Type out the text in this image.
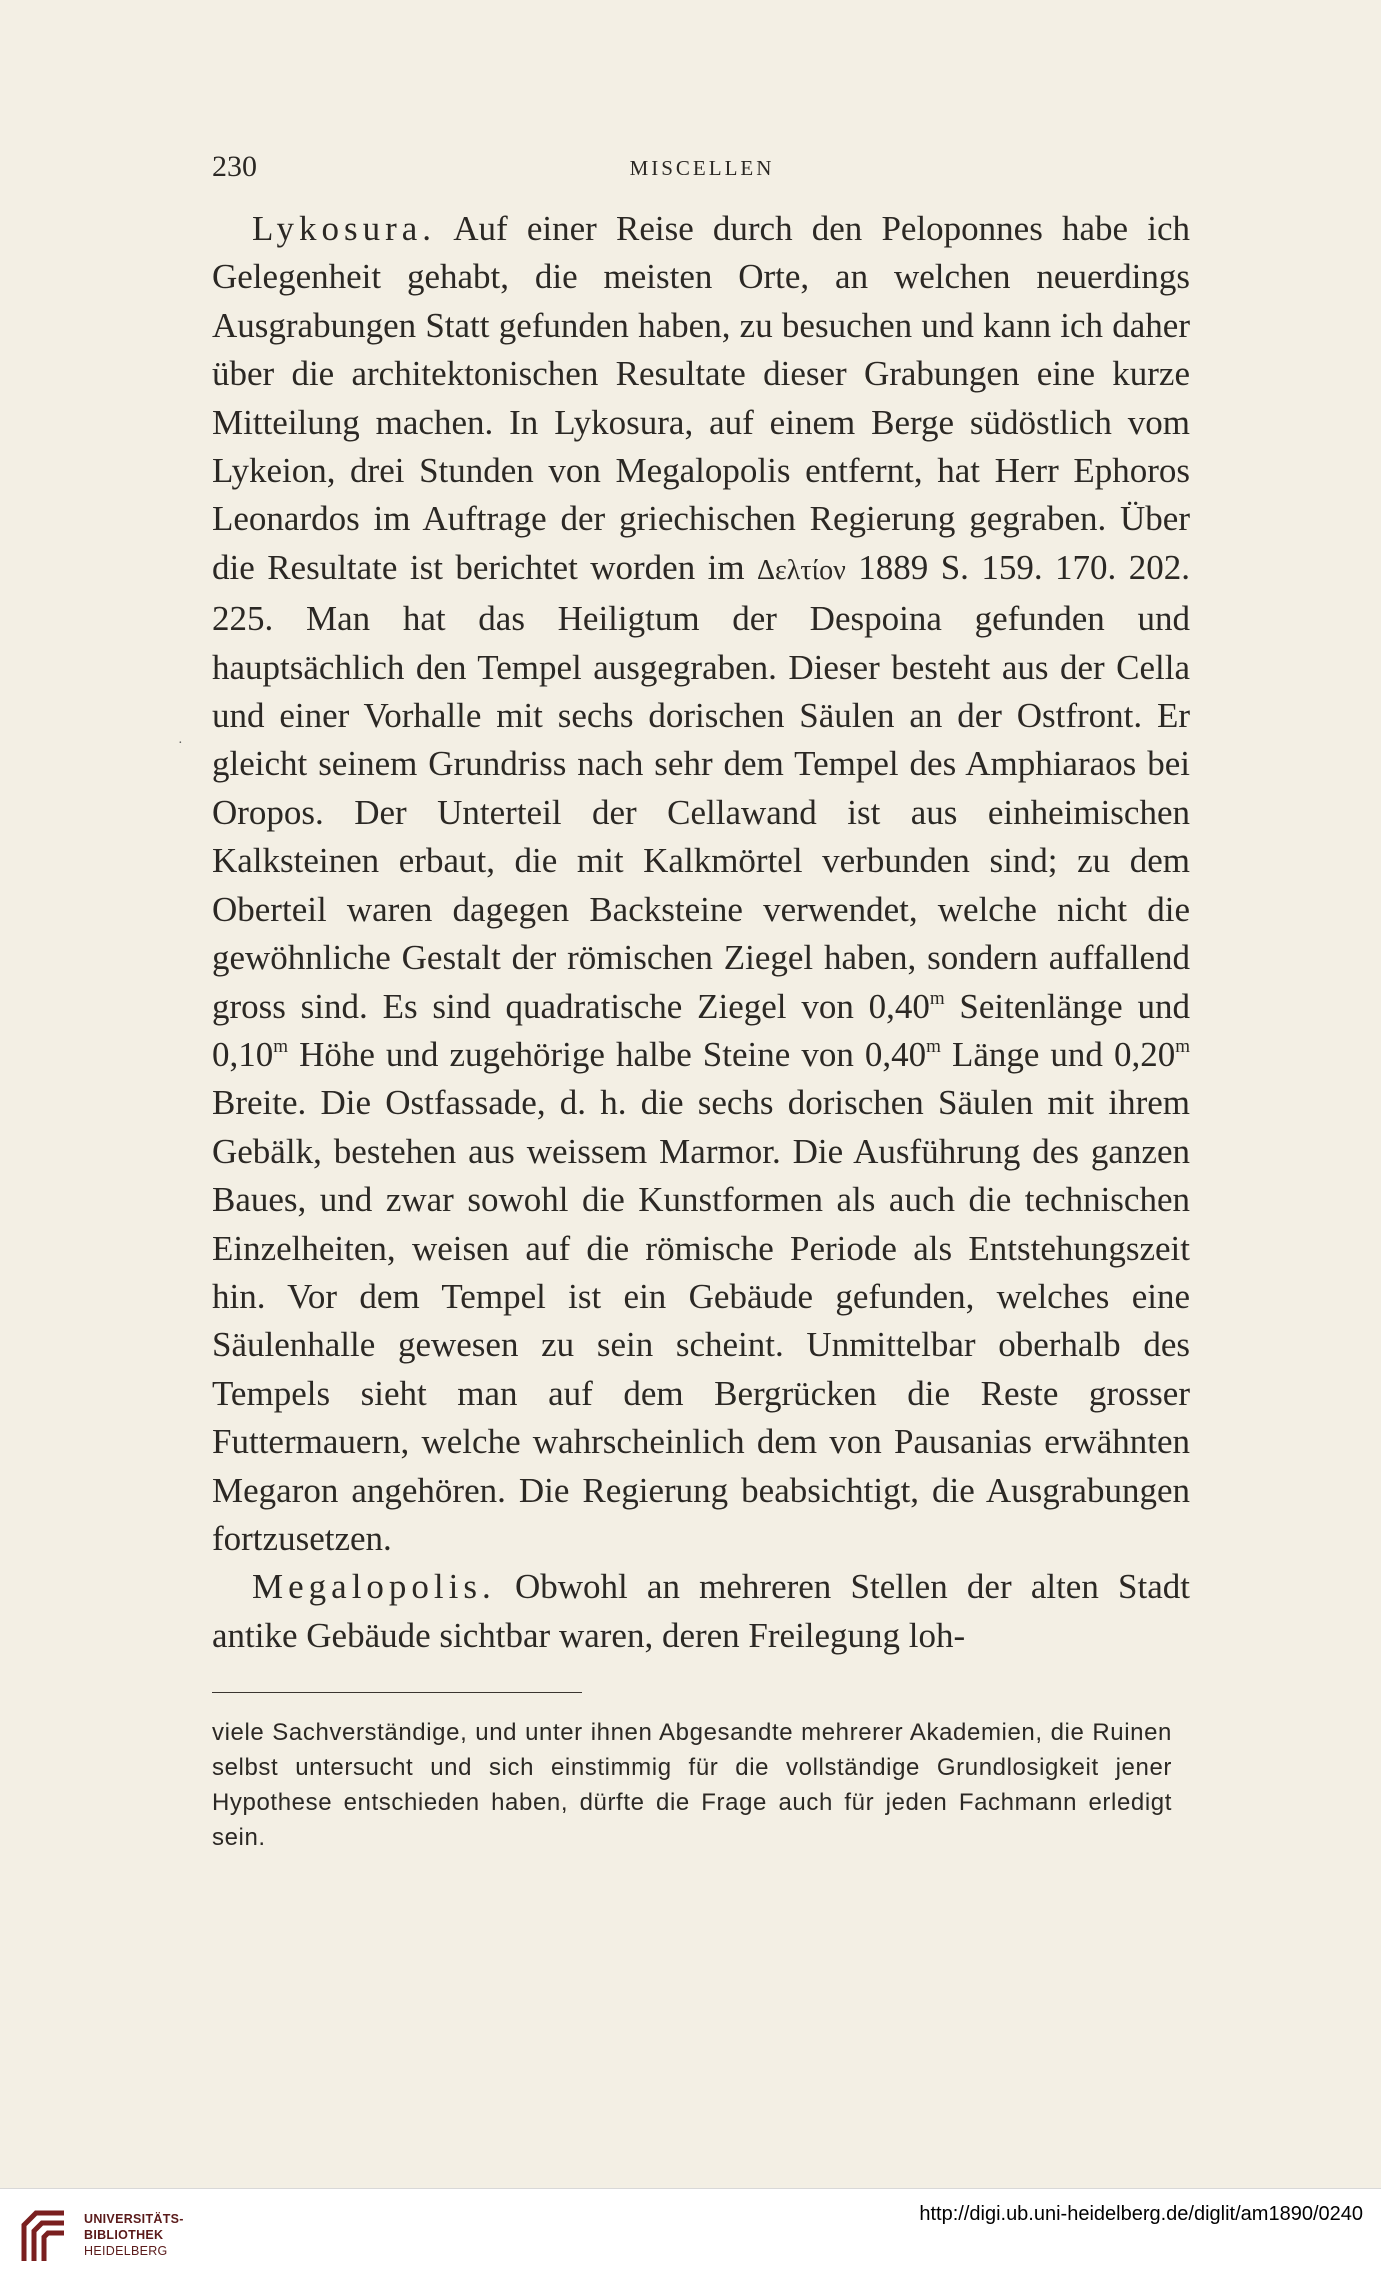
230	MISCELLEN
·

Lykosura. Auf einer Reise durch den Peloponnes habe ich Gelegenheit gehabt, die meisten Orte, an welchen neuerdings Ausgrabungen Statt gefunden haben, zu besuchen und kann ich daher über die architektonischen Resultate dieser Grabungen eine kurze Mitteilung machen. In Lykosura, auf einem Berge südöstlich vom Lykeion, drei Stunden von Megalopolis entfernt, hat Herr Ephoros Leonardos im Auftrage der griechischen Regierung gegraben. Über die Resultate ist berichtet worden im Δελτίον 1889 S. 159. 170. 202. 225. Man hat das Heiligtum der Despoina gefunden und hauptsächlich den Tempel ausgegraben. Dieser besteht aus der Cella und einer Vorhalle mit sechs dorischen Säulen an der Ostfront. Er gleicht seinem Grundriss nach sehr dem Tempel des Amphiaraos bei Oropos. Der Unterteil der Cellawand ist aus einheimischen Kalksteinen erbaut, die mit Kalkmörtel verbunden sind; zu dem Oberteil waren dagegen Backsteine verwendet, welche nicht die gewöhnliche Gestalt der römischen Ziegel haben, sondern auffallend gross sind. Es sind quadratische Ziegel von 0,40$^m$ Seitenlänge und 0,10$^m$ Höhe und zugehörige halbe Steine von 0,40$^m$ Länge und 0,20$^m$ Breite. Die Ostfassade, d. h. die sechs dorischen Säulen mit ihrem Gebälk, bestehen aus weissem Marmor. Die Ausführung des ganzen Baues, und zwar sowohl die Kunstformen als auch die technischen Einzelheiten, weisen auf die römische Periode als Entstehungszeit hin. Vor dem Tempel ist ein Gebäude gefunden, welches eine Säulenhalle gewesen zu sein scheint. Unmittelbar oberhalb des Tempels sieht man auf dem Bergrücken die Reste grosser Futtermauern, welche wahrscheinlich dem von Pausanias erwähnten Megaron angehören. Die Regierung beabsichtigt, die Ausgrabungen fortzusetzen.

Megalopolis. Obwohl an mehreren Stellen der alten Stadt antike Gebäude sichtbar waren, deren Freilegung loh-

viele Sachverständige, und unter ihnen Abgesandte mehrerer Akademien, die Ruinen selbst untersucht und sich einstimmig für die vollständige Grundlosigkeit jener Hypothese entschieden haben, dürfte die Frage auch für jeden Fachmann erledigt sein.
UNIVERSITÄTS-
BIBLIOTHEK
HEIDELBERG
http://digi.ub.uni-heidelberg.de/diglit/am1890/0240
